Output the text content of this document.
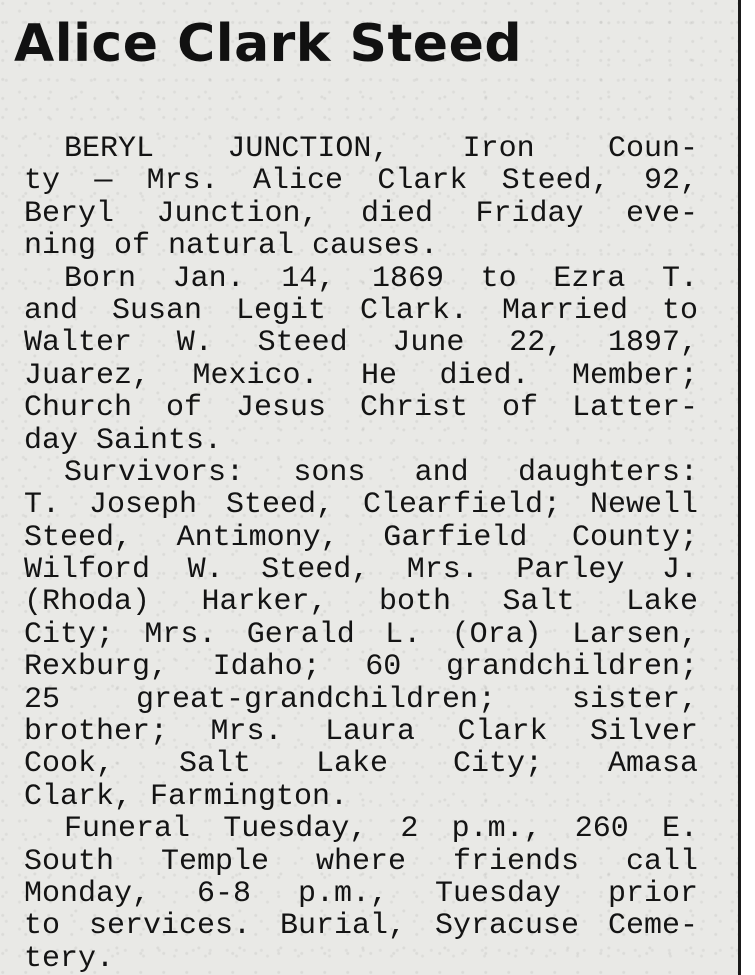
Alice Clark Steed
BERYL JUNCTION, Iron Coun-
ty — Mrs. Alice Clark Steed, 92,
Beryl Junction, died Friday eve-
ning of natural causes.
Born Jan. 14, 1869 to Ezra T.
and Susan Legit Clark. Married to
Walter W. Steed June 22, 1897,
Juarez, Mexico. He died. Member;
Church of Jesus Christ of Latter-
day Saints.
Survivors: sons and daughters:
T. Joseph Steed, Clearfield; Newell
Steed, Antimony, Garfield County;
Wilford W. Steed, Mrs. Parley J.
(Rhoda) Harker, both Salt Lake
City; Mrs. Gerald L. (Ora) Larsen,
Rexburg, Idaho; 60 grandchildren;
25 great-grandchildren; sister,
brother; Mrs. Laura Clark Silver
Cook, Salt Lake City; Amasa
Clark, Farmington.
Funeral Tuesday, 2 p.m., 260 E.
South Temple where friends call
Monday, 6-8 p.m., Tuesday prior
to services. Burial, Syracuse Ceme-
tery.
